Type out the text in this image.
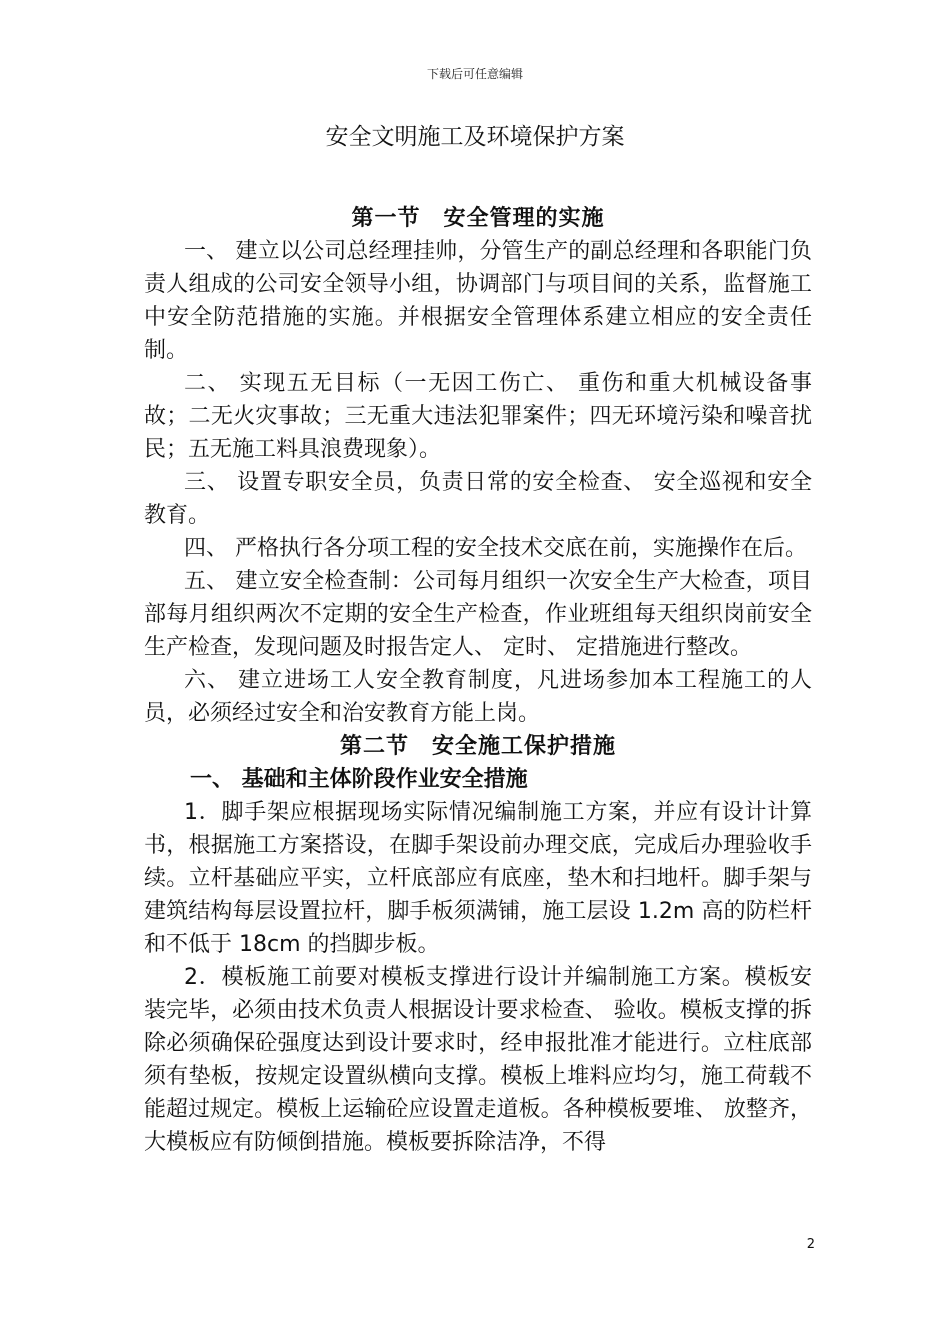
下载后可任意编辑
安全文明施工及环境保护方案

第一节　安全管理的实施

一、 建立以公司总经理挂帅，分管生产的副总经理和各职能门负责人组成的公司安全领导小组，协调部门与项目间的关系，监督施工中安全防范措施的实施。并根据安全管理体系建立相应的安全责任制。

二、 实现五无目标（一无因工伤亡、 重伤和重大机械设备事故；二无火灾事故；三无重大违法犯罪案件；四无环境污染和噪音扰民；五无施工料具浪费现象）。

三、 设置专职安全员，负责日常的安全检查、 安全巡视和安全教育。

四、 严格执行各分项工程的安全技术交底在前，实施操作在后。

五、 建立安全检查制：公司每月组织一次安全生产大检查，项目部每月组织两次不定期的安全生产检查，作业班组每天组织岗前安全生产检查，发现问题及时报告定人、 定时、 定措施进行整改。

六、 建立进场工人安全教育制度，凡进场参加本工程施工的人员，必须经过安全和治安教育方能上岗。

第二节　安全施工保护措施

一、 基础和主体阶段作业安全措施

1．脚手架应根据现场实际情况编制施工方案，并应有设计计算书，根据施工方案搭设，在脚手架设前办理交底，完成后办理验收手续。立杆基础应平实，立杆底部应有底座，垫木和扫地杆。脚手架与建筑结构每层设置拉杆，脚手板须满铺，施工层设 1.2m 高的防栏杆和不低于 18cm 的挡脚步板。

2．模板施工前要对模板支撑进行设计并编制施工方案。模板安装完毕，必须由技术负责人根据设计要求检查、 验收。模板支撑的拆除必须确保砼强度达到设计要求时，经申报批准才能进行。立柱底部须有垫板，按规定设置纵横向支撑。模板上堆料应均匀，施工荷载不能超过规定。模板上运输砼应设置走道板。各种模板要堆、 放整齐，大模板应有防倾倒措施。模板要拆除洁净，不得

2
